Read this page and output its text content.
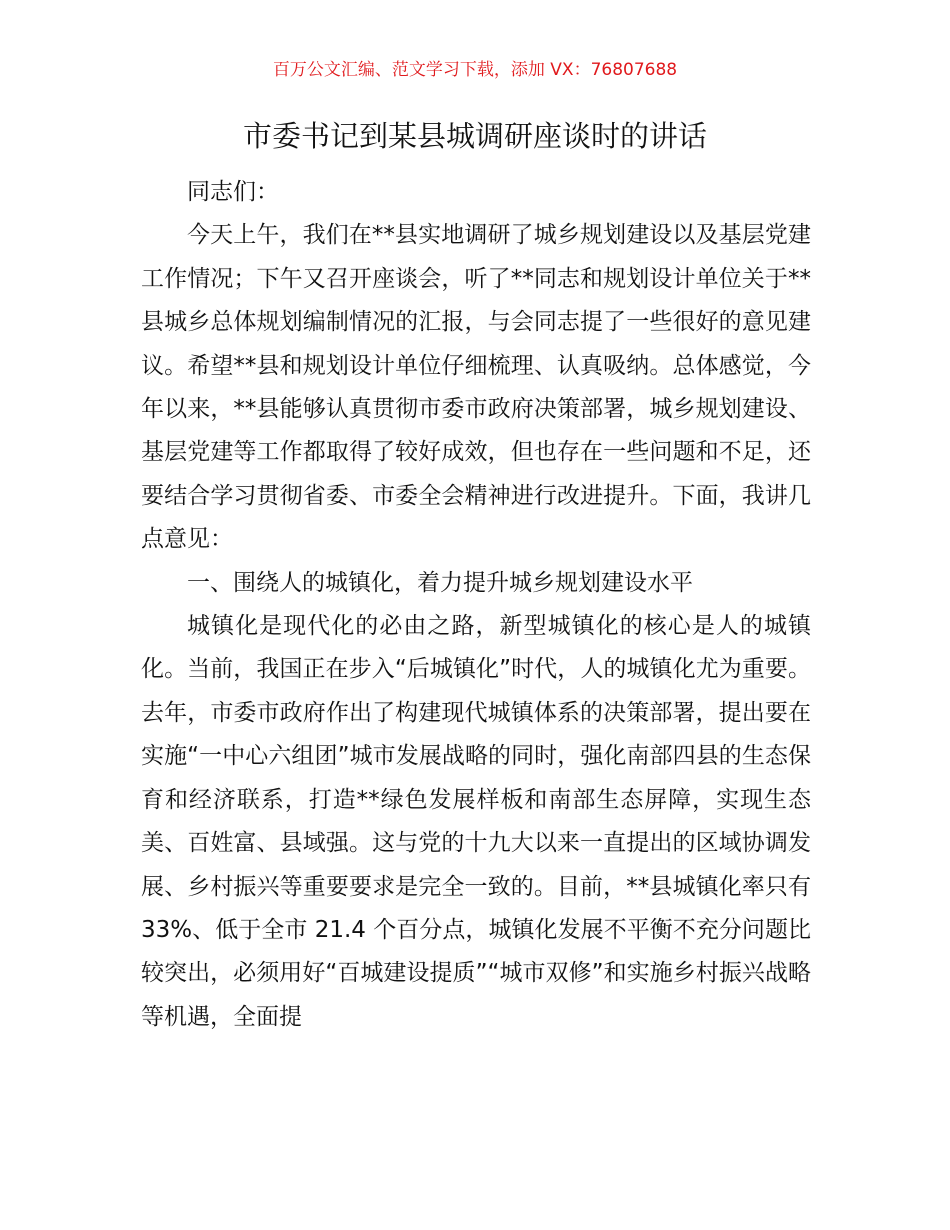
百万公文汇编、范文学习下载，添加 VX：76807688
市委书记到某县城调研座谈时的讲话

同志们：

今天上午，我们在**县实地调研了城乡规划建设以及基层党建工作情况；下午又召开座谈会，听了**同志和规划设计单位关于**县城乡总体规划编制情况的汇报，与会同志提了一些很好的意见建议。希望**县和规划设计单位仔细梳理、认真吸纳。总体感觉，今年以来，**县能够认真贯彻市委市政府决策部署，城乡规划建设、基层党建等工作都取得了较好成效，但也存在一些问题和不足，还要结合学习贯彻省委、市委全会精神进行改进提升。下面，我讲几点意见：

一、围绕人的城镇化，着力提升城乡规划建设水平

城镇化是现代化的必由之路，新型城镇化的核心是人的城镇化。当前，我国正在步入“后城镇化”时代，人的城镇化尤为重要。去年，市委市政府作出了构建现代城镇体系的决策部署，提出要在实施“一中心六组团”城市发展战略的同时，强化南部四县的生态保育和经济联系，打造**绿色发展样板和南部生态屏障，实现生态美、百姓富、县域强。这与党的十九大以来一直提出的区域协调发展、乡村振兴等重要要求是完全一致的。目前，**县城镇化率只有 33%、低于全市 21.4 个百分点，城镇化发展不平衡不充分问题比较突出，必须用好“百城建设提质”“城市双修”和实施乡村振兴战略等机遇，全面提
